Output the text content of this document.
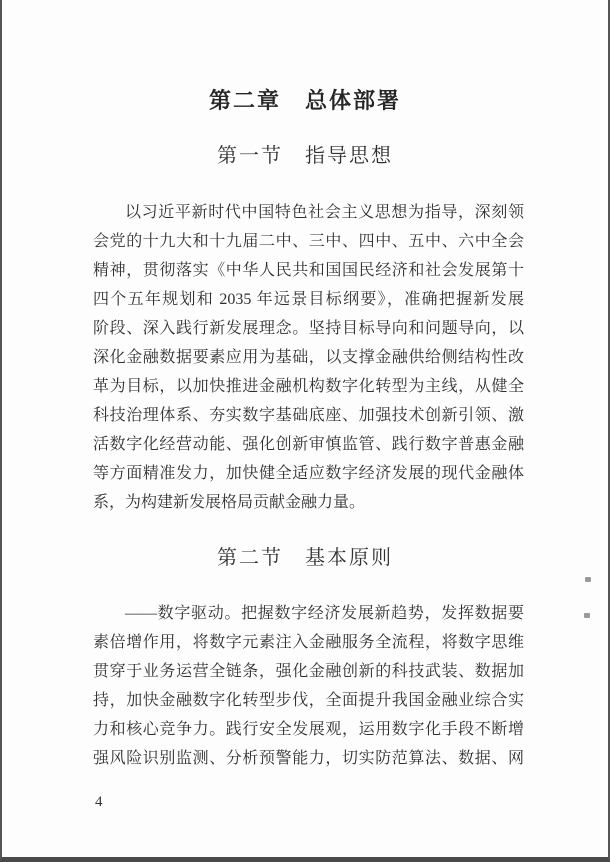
第二章　总体部署
第一节　指导思想
以习近平新时代中国特色社会主义思想为指导，深刻领
会党的十九大和十九届二中、三中、四中、五中、六中全会
精神，贯彻落实《中华人民共和国国民经济和社会发展第十
四个五年规划和 2035 年远景目标纲要》，准确把握新发展
阶段、深入践行新发展理念。坚持目标导向和问题导向，以
深化金融数据要素应用为基础，以支撑金融供给侧结构性改
革为目标，以加快推进金融机构数字化转型为主线，从健全
科技治理体系、夯实数字基础底座、加强技术创新引领、激
活数字化经营动能、强化创新审慎监管、践行数字普惠金融
等方面精准发力，加快健全适应数字经济发展的现代金融体
系，为构建新发展格局贡献金融力量。
第二节　基本原则
——数字驱动。把握数字经济发展新趋势，发挥数据要
素倍增作用，将数字元素注入金融服务全流程，将数字思维
贯穿于业务运营全链条，强化金融创新的科技武装、数据加
持，加快金融数字化转型步伐，全面提升我国金融业综合实
力和核心竞争力。践行安全发展观，运用数字化手段不断增
强风险识别监测、分析预警能力，切实防范算法、数据、网
4
